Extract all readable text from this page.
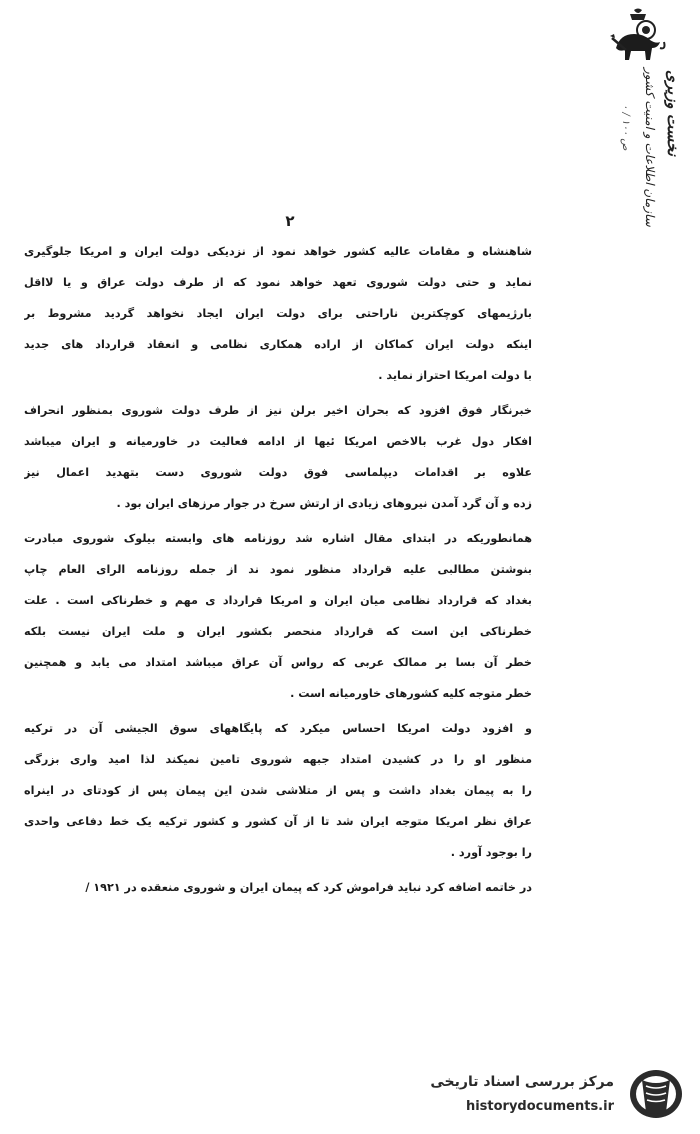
نخست وزیری
سازمان اطلاعات و امنیت کشور
ص ۱۰۰ / ۰
۲
شاهنشاه و مقامات عالیه کشور خواهد نمود از نزدیکی دولت ایران و امریکا جلوگیری
نماید و حتی دولت شوروی تعهد خواهد نمود که از طرف دولت عراق و یا لااقل
بارژیمهای کوچکترین ناراحتی برای دولت ایران ایجاد نخواهد گردید مشروط بر
اینکه دولت ایران کماکان از اراده همکاری نظامی و انعقاد قرارداد های جدید
با دولت امریکا احتراز نماید .
خبرنگار فوق افزود که بحران اخیر برلن نیز از طرف دولت شوروی بمنظور انحراف
افکار دول غرب بالاخص امریکا ئیها از ادامه فعالیت در خاورمیانه و ایران میباشد
علاوه بر اقدامات دیپلماسی فوق دولت شوروی دست بتهدید اعمال نیز
زده و آن گرد آمدن نیروهای زیادی از ارتش سرخ در جوار مرزهای ایران بود .
همانطوریکه در ابتدای مقال اشاره شد روزنامه های وابسته بیلوک شوروی مبادرت
بنوشتن مطالبی علیه قرارداد منظور نمود ند از جمله روزنامه الرای العام چاپ
بغداد که قرارداد نظامی میان ایران و امریکا قرارداد ی مهم و خطرناکی است . علت
خطرناکی این است که قرارداد منحصر بکشور ایران و ملت ایران نیست بلکه
خطر آن بسا بر ممالک عربی که رواس آن عراق میباشد امتداد می یابد و همچنین
خطر متوجه کلیه کشورهای خاورمیانه است .
و افزود دولت امریکا احساس میکرد که پایگاههای سوق الجیشی آن در ترکیه
منظور او را در کشیدن امتداد جبهه شوروی تامین نمیکند لذا امید واری بزرگی
را به پیمان بغداد داشت و پس از متلاشی شدن این پیمان پس از کودتای در اینراه
عراق نظر امریکا متوجه ایران شد تا از آن کشور و کشور ترکیه یک خط دفاعی واحدی
را بوجود آورد .
در خاتمه اضافه کرد نباید فراموش کرد که پیمان ایران و شوروی منعقده در ۱۹۲۱ /
مرکز بررسی اسناد تاریخی
historydocuments.ir
